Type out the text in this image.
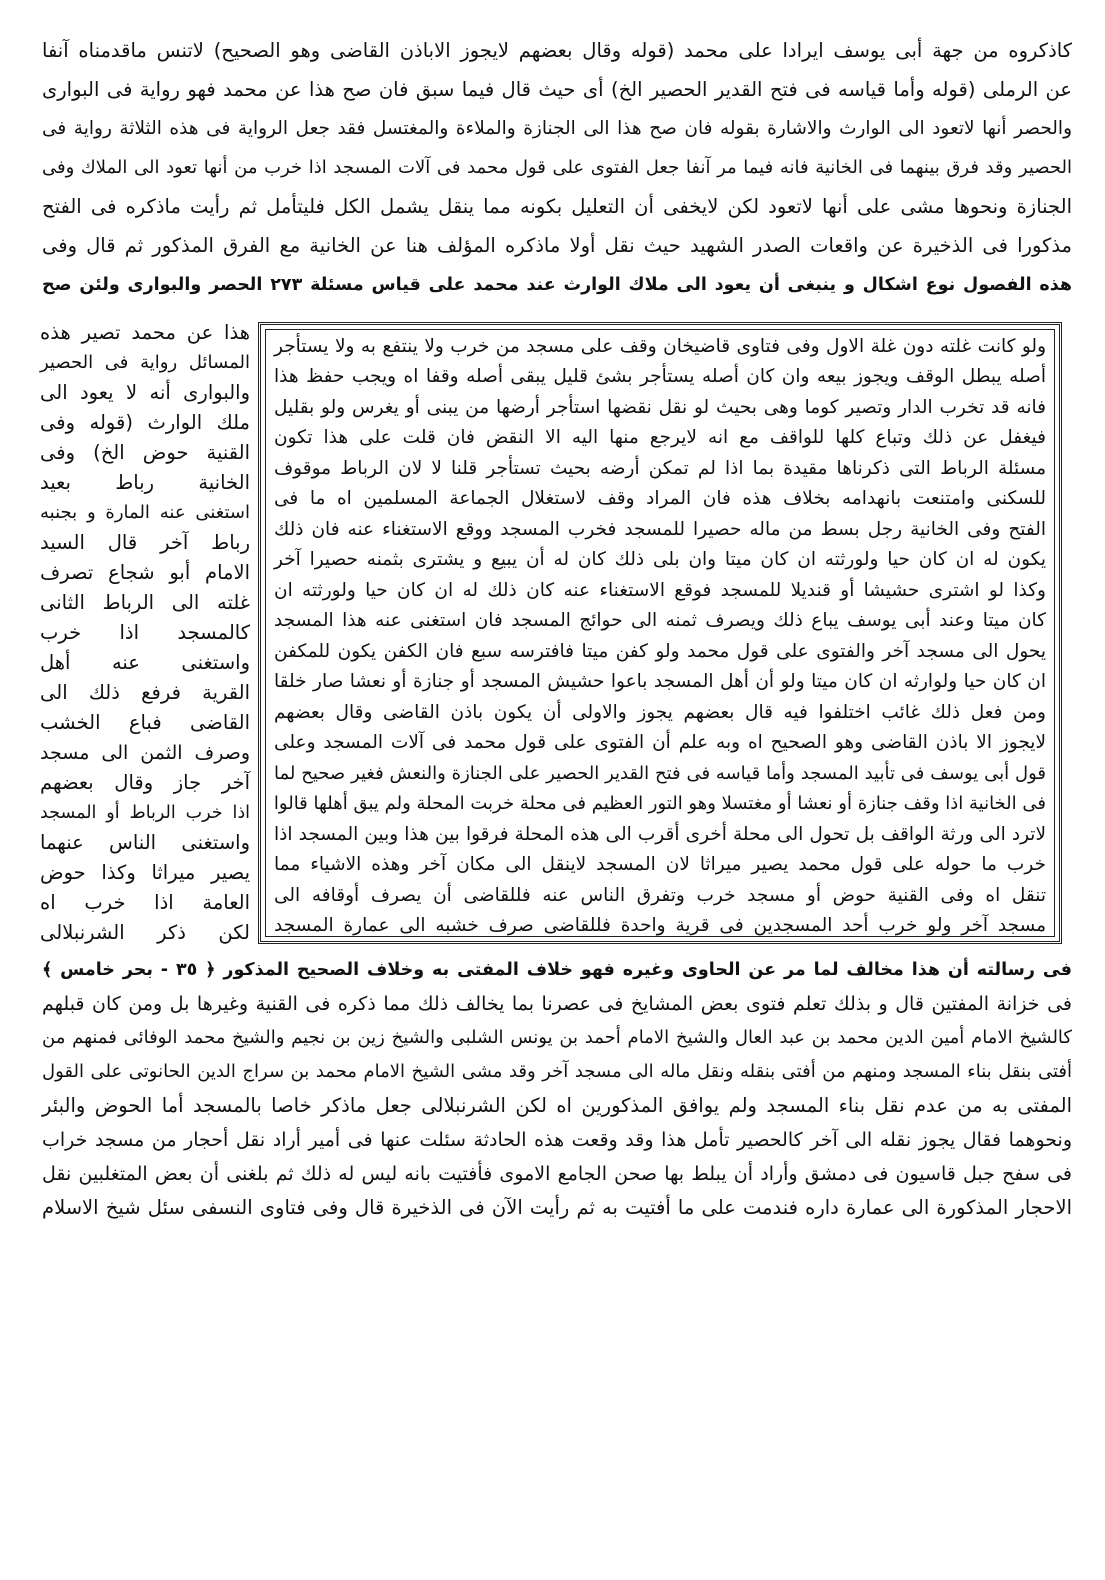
كاذكروه من جهة أبى يوسف ايرادا على محمد (قوله وقال بعضهم لايجوز الاباذن القاضى وهو الصحيح) لاتنس ماقدمناه آنفا
عن الرملى (قوله وأما قياسه فى فتح القدير الحصير الخ) أى حيث قال فيما سبق فان صح هذا عن محمد فهو رواية فى البوارى
والحصر أنها لاتعود الى الوارث والاشارة بقوله فان صح هذا الى الجنازة والملاءة والمغتسل فقد جعل الرواية فى هذه الثلاثة رواية فى
الحصير وقد فرق بينهما فى الخانية فانه فيما مر آنفا جعل الفتوى على قول محمد فى آلات المسجد اذا خرب من أنها تعود الى الملاك وفى
الجنازة ونحوها مشى على أنها لاتعود لكن لايخفى أن التعليل بكونه مما ينقل يشمل الكل فليتأمل ثم رأيت ماذكره فى الفتح
مذكورا فى الذخيرة عن واقعات الصدر الشهيد حيث نقل أولا ماذكره المؤلف هنا عن الخانية مع الفرق المذكور ثم قال وفى
هذه الفصول نوع اشكال و ينبغى أن يعود الى ملاك الوارث عند محمد على قياس مسئلة ٢٧٣ الحصر والبوارى ولئن صح
ولو كانت غلته دون غلة الاول وفى فتاوى قاضيخان وقف على مسجد من خرب ولا ينتفع به ولا يستأجر
أصله يبطل الوقف ويجوز بيعه وان كان أصله يستأجر بشئ قليل يبقى أصله وقفا اه ويجب حفظ هذا
فانه قد تخرب الدار وتصير كوما وهى بحيث لو نقل نقضها استأجر أرضها من يبنى أو يغرس ولو بقليل
فيغفل عن ذلك وتباع كلها للواقف مع انه لايرجع منها اليه الا النقض فان قلت على هذا تكون
مسئلة الرباط التى ذكرناها مقيدة بما اذا لم تمكن أرضه بحيث تستأجر قلنا لا لان الرباط موقوف
للسكنى وامتنعت بانهدامه بخلاف هذه فان المراد وقف لاستغلال الجماعة المسلمين اه ما فى
الفتح وفى الخانية رجل بسط من ماله حصيرا للمسجد فخرب المسجد ووقع الاستغناء عنه فان ذلك
يكون له ان كان حيا ولورثته ان كان ميتا وان بلى ذلك كان له أن يبيع و يشترى بثمنه حصيرا آخر
وكذا لو اشترى حشيشا أو قنديلا للمسجد فوقع الاستغناء عنه كان ذلك له ان كان حيا ولورثته ان
كان ميتا وعند أبى يوسف يباع ذلك ويصرف ثمنه الى حوائج المسجد فان استغنى عنه هذا المسجد
يحول الى مسجد آخر والفتوى على قول محمد ولو كفن ميتا فافترسه سبع فان الكفن يكون للمكفن
ان كان حيا ولوارثه ان كان ميتا ولو أن أهل المسجد باعوا حشيش المسجد أو جنازة أو نعشا صار خلقا
ومن فعل ذلك غائب اختلفوا فيه قال بعضهم يجوز والاولى أن يكون باذن القاضى وقال بعضهم
لايجوز الا باذن القاضى وهو الصحيح اه وبه علم أن الفتوى على قول محمد فى آلات المسجد وعلى
قول أبى يوسف فى تأبيد المسجد وأما قياسه فى فتح القدير الحصير على الجنازة والنعش فغير صحيح لما
فى الخانية اذا وقف جنازة أو نعشا أو مغتسلا وهو التور العظيم فى محلة خربت المحلة ولم يبق أهلها قالوا
لاترد الى ورثة الواقف بل تحول الى محلة أخرى أقرب الى هذه المحلة فرقوا بين هذا وبين المسجد اذا
خرب ما حوله على قول محمد يصير ميراثا لان المسجد لاينقل الى مكان آخر وهذه الاشياء مما
تنقل اه وفى القنية حوض أو مسجد خرب وتفرق الناس عنه فللقاضى أن يصرف أوقافه الى
مسجد آخر ولو خرب أحد المسجدين فى قرية واحدة فللقاضى صرف خشبه الى عمارة المسجد
هذا عن محمد تصير هذه
المسائل رواية فى الحصير
والبوارى أنه لا يعود الى
ملك الوارث (قوله وفى
القنية حوض الخ) وفى
الخانية رباط بعيد
استغنى عنه المارة و بجنبه
رباط آخر قال السيد
الامام أبو شجاع تصرف
غلته الى الرباط الثانى
كالمسجد اذا خرب
واستغنى عنه أهل
القرية فرفع ذلك الى
القاضى فباع الخشب
وصرف الثمن الى مسجد
آخر جاز وقال بعضهم
اذا خرب الرباط أو المسجد
واستغنى الناس عنهما
يصير ميراثا وكذا حوض
العامة اذا خرب اه
لكن ذكر الشرنبلالى
فى رسالته أن هذا مخالف لما مر عن الحاوى وغيره فهو خلاف المفتى به وخلاف الصحيح المذكور ﴿ ٣٥ - بحر خامس ﴾
فى خزانة المفتين قال و بذلك تعلم فتوى بعض المشايخ فى عصرنا بما يخالف ذلك مما ذكره فى القنية وغيرها بل ومن كان قبلهم
كالشيخ الامام أمين الدين محمد بن عبد العال والشيخ الامام أحمد بن يونس الشلبى والشيخ زين بن نجيم والشيخ محمد الوفائى فمنهم من
أفتى بنقل بناء المسجد ومنهم من أفتى بنقله ونقل ماله الى مسجد آخر وقد مشى الشيخ الامام محمد بن سراج الدين الحانوتى على القول
المفتى به من عدم نقل بناء المسجد ولم يوافق المذكورين اه لكن الشرنبلالى جعل ماذكر خاصا بالمسجد أما الحوض والبئر
ونحوهما فقال يجوز نقله الى آخر كالحصير تأمل هذا وقد وقعت هذه الحادثة سئلت عنها فى أمير أراد نقل أحجار من مسجد خراب
فى سفح جبل قاسيون فى دمشق وأراد أن يبلط بها صحن الجامع الاموى فأفتيت بانه ليس له ذلك ثم بلغنى أن بعض المتغلبين نقل
الاحجار المذكورة الى عمارة داره فندمت على ما أفتيت به ثم رأيت الآن فى الذخيرة قال وفى فتاوى النسفى سئل شيخ الاسلام
